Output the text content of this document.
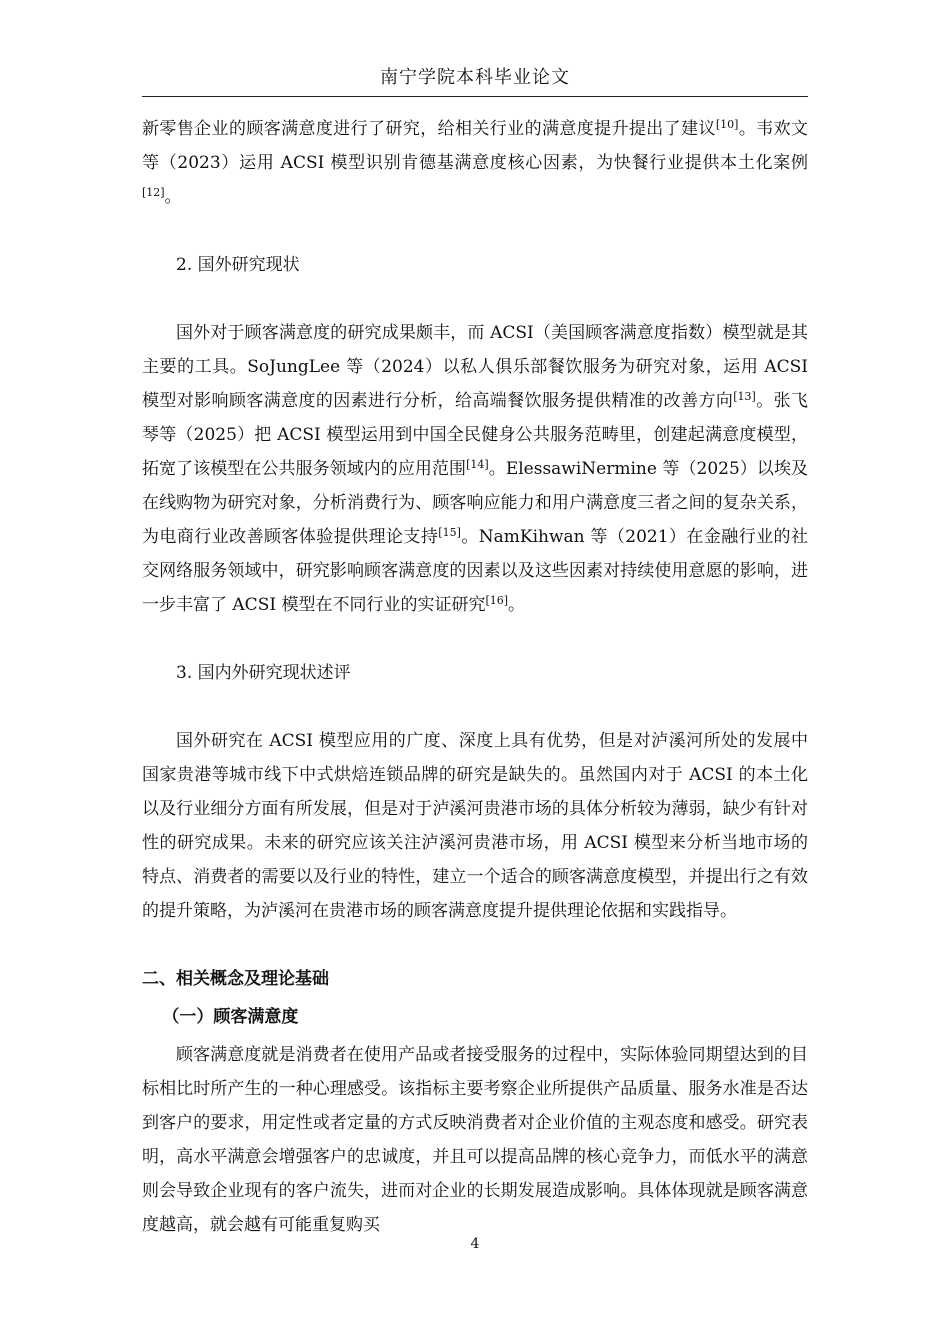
南宁学院本科毕业论文

新零售企业的顾客满意度进行了研究，给相关行业的满意度提升提出了建议[10]。韦欢文等（2023）运用 ACSI 模型识别肯德基满意度核心因素，为快餐行业提供本土化案例[12]。

2. 国外研究现状

国外对于顾客满意度的研究成果颇丰，而 ACSI（美国顾客满意度指数）模型就是其主要的工具。SoJungLee 等（2024）以私人俱乐部餐饮服务为研究对象，运用 ACSI 模型对影响顾客满意度的因素进行分析，给高端餐饮服务提供精准的改善方向[13]。张飞琴等（2025）把 ACSI 模型运用到中国全民健身公共服务范畴里，创建起满意度模型，拓宽了该模型在公共服务领域内的应用范围[14]。ElessawiNermine 等（2025）以埃及在线购物为研究对象，分析消费行为、顾客响应能力和用户满意度三者之间的复杂关系，为电商行业改善顾客体验提供理论支持[15]。NamKihwan 等（2021）在金融行业的社交网络服务领域中，研究影响顾客满意度的因素以及这些因素对持续使用意愿的影响，进一步丰富了 ACSI 模型在不同行业的实证研究[16]。

3. 国内外研究现状述评

国外研究在 ACSI 模型应用的广度、深度上具有优势，但是对泸溪河所处的发展中国家贵港等城市线下中式烘焙连锁品牌的研究是缺失的。虽然国内对于 ACSI 的本土化以及行业细分方面有所发展，但是对于泸溪河贵港市场的具体分析较为薄弱，缺少有针对性的研究成果。未来的研究应该关注泸溪河贵港市场，用 ACSI 模型来分析当地市场的特点、消费者的需要以及行业的特性，建立一个适合的顾客满意度模型，并提出行之有效的提升策略，为泸溪河在贵港市场的顾客满意度提升提供理论依据和实践指导。

二、相关概念及理论基础

（一）顾客满意度

顾客满意度就是消费者在使用产品或者接受服务的过程中，实际体验同期望达到的目标相比时所产生的一种心理感受。该指标主要考察企业所提供产品质量、服务水准是否达到客户的要求，用定性或者定量的方式反映消费者对企业价值的主观态度和感受。研究表明，高水平满意会增强客户的忠诚度，并且可以提高品牌的核心竞争力，而低水平的满意则会导致企业现有的客户流失，进而对企业的长期发展造成影响。具体体现就是顾客满意度越高，就会越有可能重复购买

4
